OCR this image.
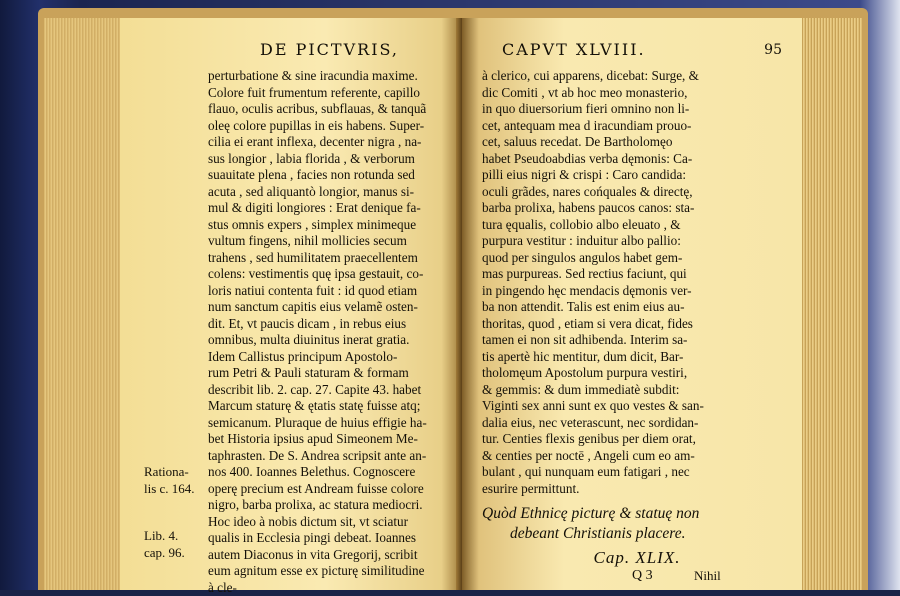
DE PICTVRIS,
perturbatione & sine iracundia maxime.
Colore fuit frumentum referente, capillo
flauo, oculis acribus, subflauas, & tanquã
oleę colore pupillas in eis habens. Super-
cilia ei erant inflexa, decenter nigra , na-
sus longior , labia florida , & verborum
suauitate plena , facies non rotunda sed
acuta , sed aliquantò longior, manus si-
mul & digiti longiores : Erat denique fa-
stus omnis expers , simplex minimeque
vultum fingens, nihil mollicies secum
trahens , sed humilitatem praecellentem
colens: vestimentis quę ipsa gestauit, co-
loris natiui contenta fuit : id quod etiam
num sanctum capitis eius velamẽ osten-
dit. Et, vt paucis dicam , in rebus eius
omnibus, multa diuinitus inerat gratia.
Idem Callistus principum Apostolo-
rum Petri & Pauli staturam & formam
describit lib. 2. cap. 27. Capite 43. habet
Marcum staturę & ętatis statę fuisse atq;
semicanum. Pluraque de huius effigie ha-
bet Historia ipsius apud Simeonem Me-
taphrasten. De S. Andrea scripsit ante an-
nos 400. Ioannes Belethus. Cognoscere
operę precium est Andream fuisse colore
nigro, barba prolixa, ac statura mediocri.
Hoc ideo à nobis dictum sit, vt sciatur
qualis in Ecclesia pingi debeat. Ioannes
autem Diaconus in vita Gregorij, scribit
eum agnitum esse ex picturę similitudine
à cle-
Rationa-
lis c. 164.
Lib. 4.
cap. 96.
CAPVT XLVIII.	95
à clerico, cui apparens, dicebat: Surge, &
dic Comiti , vt ab hoc meo monasterio,
in quo diuersorium fieri omnino non li-
cet, antequam mea d iracundiam prouo-
cet, saluus recedat. De Bartholomęo
habet Pseudoabdias verba dęmonis: Ca-
pilli eius nigri & crispi : Caro candida:
oculi grãdes, nares cońquales & directę,
barba prolixa, habens paucos canos: sta-
tura ęqualis, collobio albo eleuato , &
purpura vestitur : induitur albo pallio:
quod per singulos angulos habet gem-
mas purpureas. Sed rectius faciunt, qui
in pingendo hęc mendacis dęmonis ver-
ba non attendit. Talis est enim eius au-
thoritas, quod , etiam si vera dicat, fides
tamen ei non sit adhibenda. Interim sa-
tis apertè hic mentitur, dum dicit, Bar-
tholomęum Apostolum purpura vestiri,
& gemmis: & dum immediatè subdit:
Viginti sex anni sunt ex quo vestes & san-
dalia eius, nec veterascunt, nec sordidan-
tur. Centies flexis genibus per diem orat,
& centies per noctē , Angeli cum eo am-
bulant , qui nunquam eum fatigari , nec
esurire permittunt.
Quòd Ethnicę picturę & statuę non
debeant Christianis placere.
Cap. XLIX.
Q 3	Nihil
